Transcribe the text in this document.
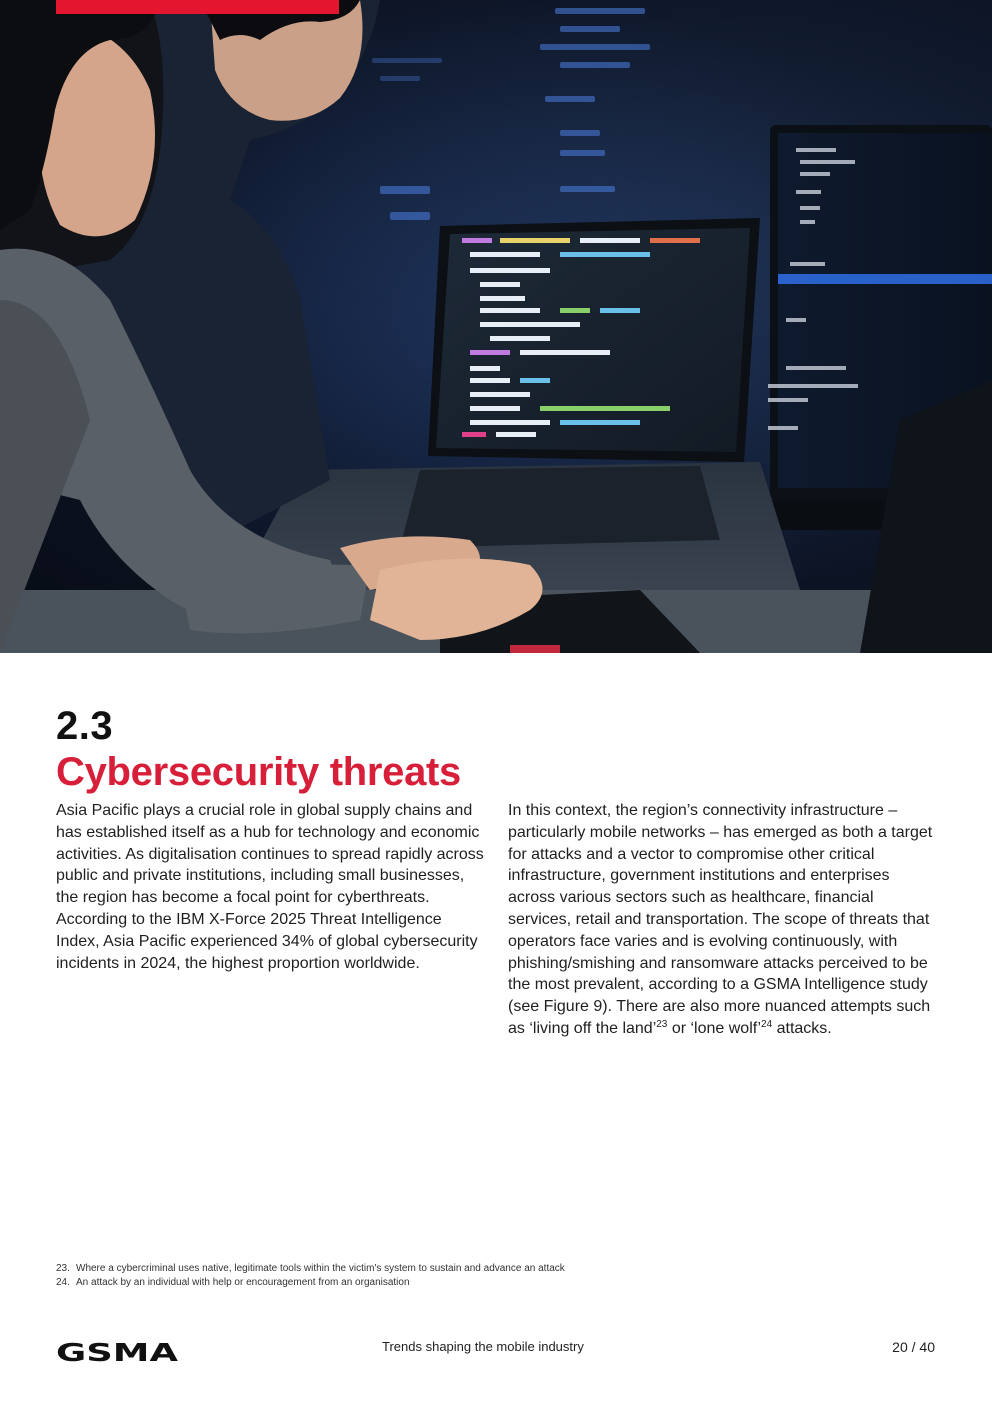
2.3
Cybersecurity threats

Asia Pacific plays a crucial role in global supply chains and has established itself as a hub for technology and economic activities. As digitalisation continues to spread rapidly across public and private institutions, including small businesses, the region has become a focal point for cyberthreats. According to the IBM X-Force 2025 Threat Intelligence Index, Asia Pacific experienced 34% of global cybersecurity incidents in 2024, the highest proportion worldwide.

In this context, the region’s connectivity infrastructure – particularly mobile networks – has emerged as both a target for attacks and a vector to compromise other critical infrastructure, government institutions and enterprises across various sectors such as healthcare, financial services, retail and transportation. The scope of threats that operators face varies and is evolving continuously, with phishing/smishing and ransomware attacks perceived to be the most prevalent, according to a GSMA Intelligence study (see Figure 9). There are also more nuanced attempts such as ‘living off the land’$^{23}$ or ‘lone wolf’$^{24}$ attacks.

23. Where a cybercriminal uses native, legitimate tools within the victim's system to sustain and advance an attack
24. An attack by an individual with help or encouragement from an organisation
GSMA	Trends shaping the mobile industry	20 / 40
